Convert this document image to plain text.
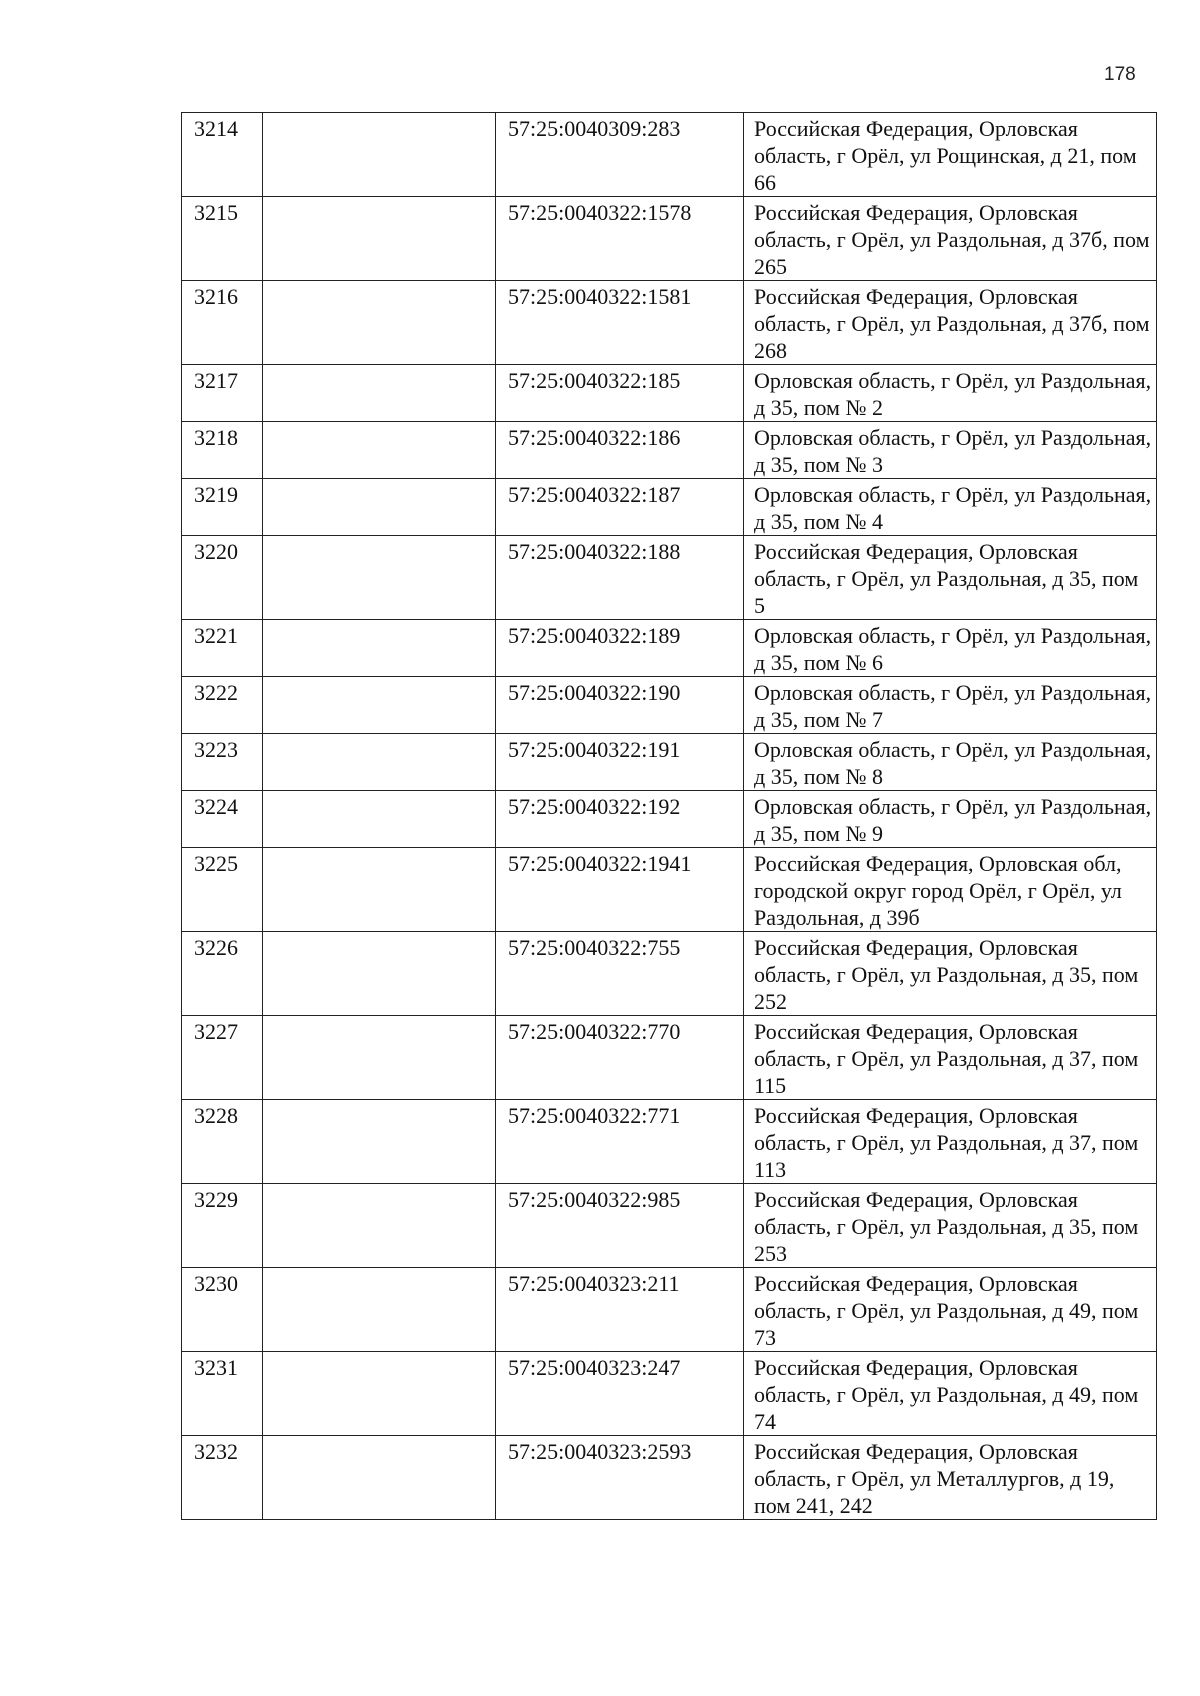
178
3214		57:25:0040309:283	Российская Федерация, Орловская область, г Орёл, ул Рощинская, д 21, пом 66
3215		57:25:0040322:1578	Российская Федерация, Орловская область, г Орёл, ул Раздольная, д 37б, пом 265
3216		57:25:0040322:1581	Российская Федерация, Орловская область, г Орёл, ул Раздольная, д 37б, пом 268
3217		57:25:0040322:185	Орловская область, г Орёл, ул Раздольная, д 35, пом № 2
3218		57:25:0040322:186	Орловская область, г Орёл, ул Раздольная, д 35, пом № 3
3219		57:25:0040322:187	Орловская область, г Орёл, ул Раздольная, д 35, пом № 4
3220		57:25:0040322:188	Российская Федерация, Орловская область, г Орёл, ул Раздольная, д 35, пом 5
3221		57:25:0040322:189	Орловская область, г Орёл, ул Раздольная, д 35, пом № 6
3222		57:25:0040322:190	Орловская область, г Орёл, ул Раздольная, д 35, пом № 7
3223		57:25:0040322:191	Орловская область, г Орёл, ул Раздольная, д 35, пом № 8
3224		57:25:0040322:192	Орловская область, г Орёл, ул Раздольная, д 35, пом № 9
3225		57:25:0040322:1941	Российская Федерация, Орловская обл, городской округ город Орёл, г Орёл, ул Раздольная, д 39б
3226		57:25:0040322:755	Российская Федерация, Орловская область, г Орёл, ул Раздольная, д 35, пом 252
3227		57:25:0040322:770	Российская Федерация, Орловская область, г Орёл, ул Раздольная, д 37, пом 115
3228		57:25:0040322:771	Российская Федерация, Орловская область, г Орёл, ул Раздольная, д 37, пом 113
3229		57:25:0040322:985	Российская Федерация, Орловская область, г Орёл, ул Раздольная, д 35, пом 253
3230		57:25:0040323:211	Российская Федерация, Орловская область, г Орёл, ул Раздольная, д 49, пом 73
3231		57:25:0040323:247	Российская Федерация, Орловская область, г Орёл, ул Раздольная, д 49, пом 74
3232		57:25:0040323:2593	Российская Федерация, Орловская область, г Орёл, ул Металлургов, д 19, пом 241, 242
